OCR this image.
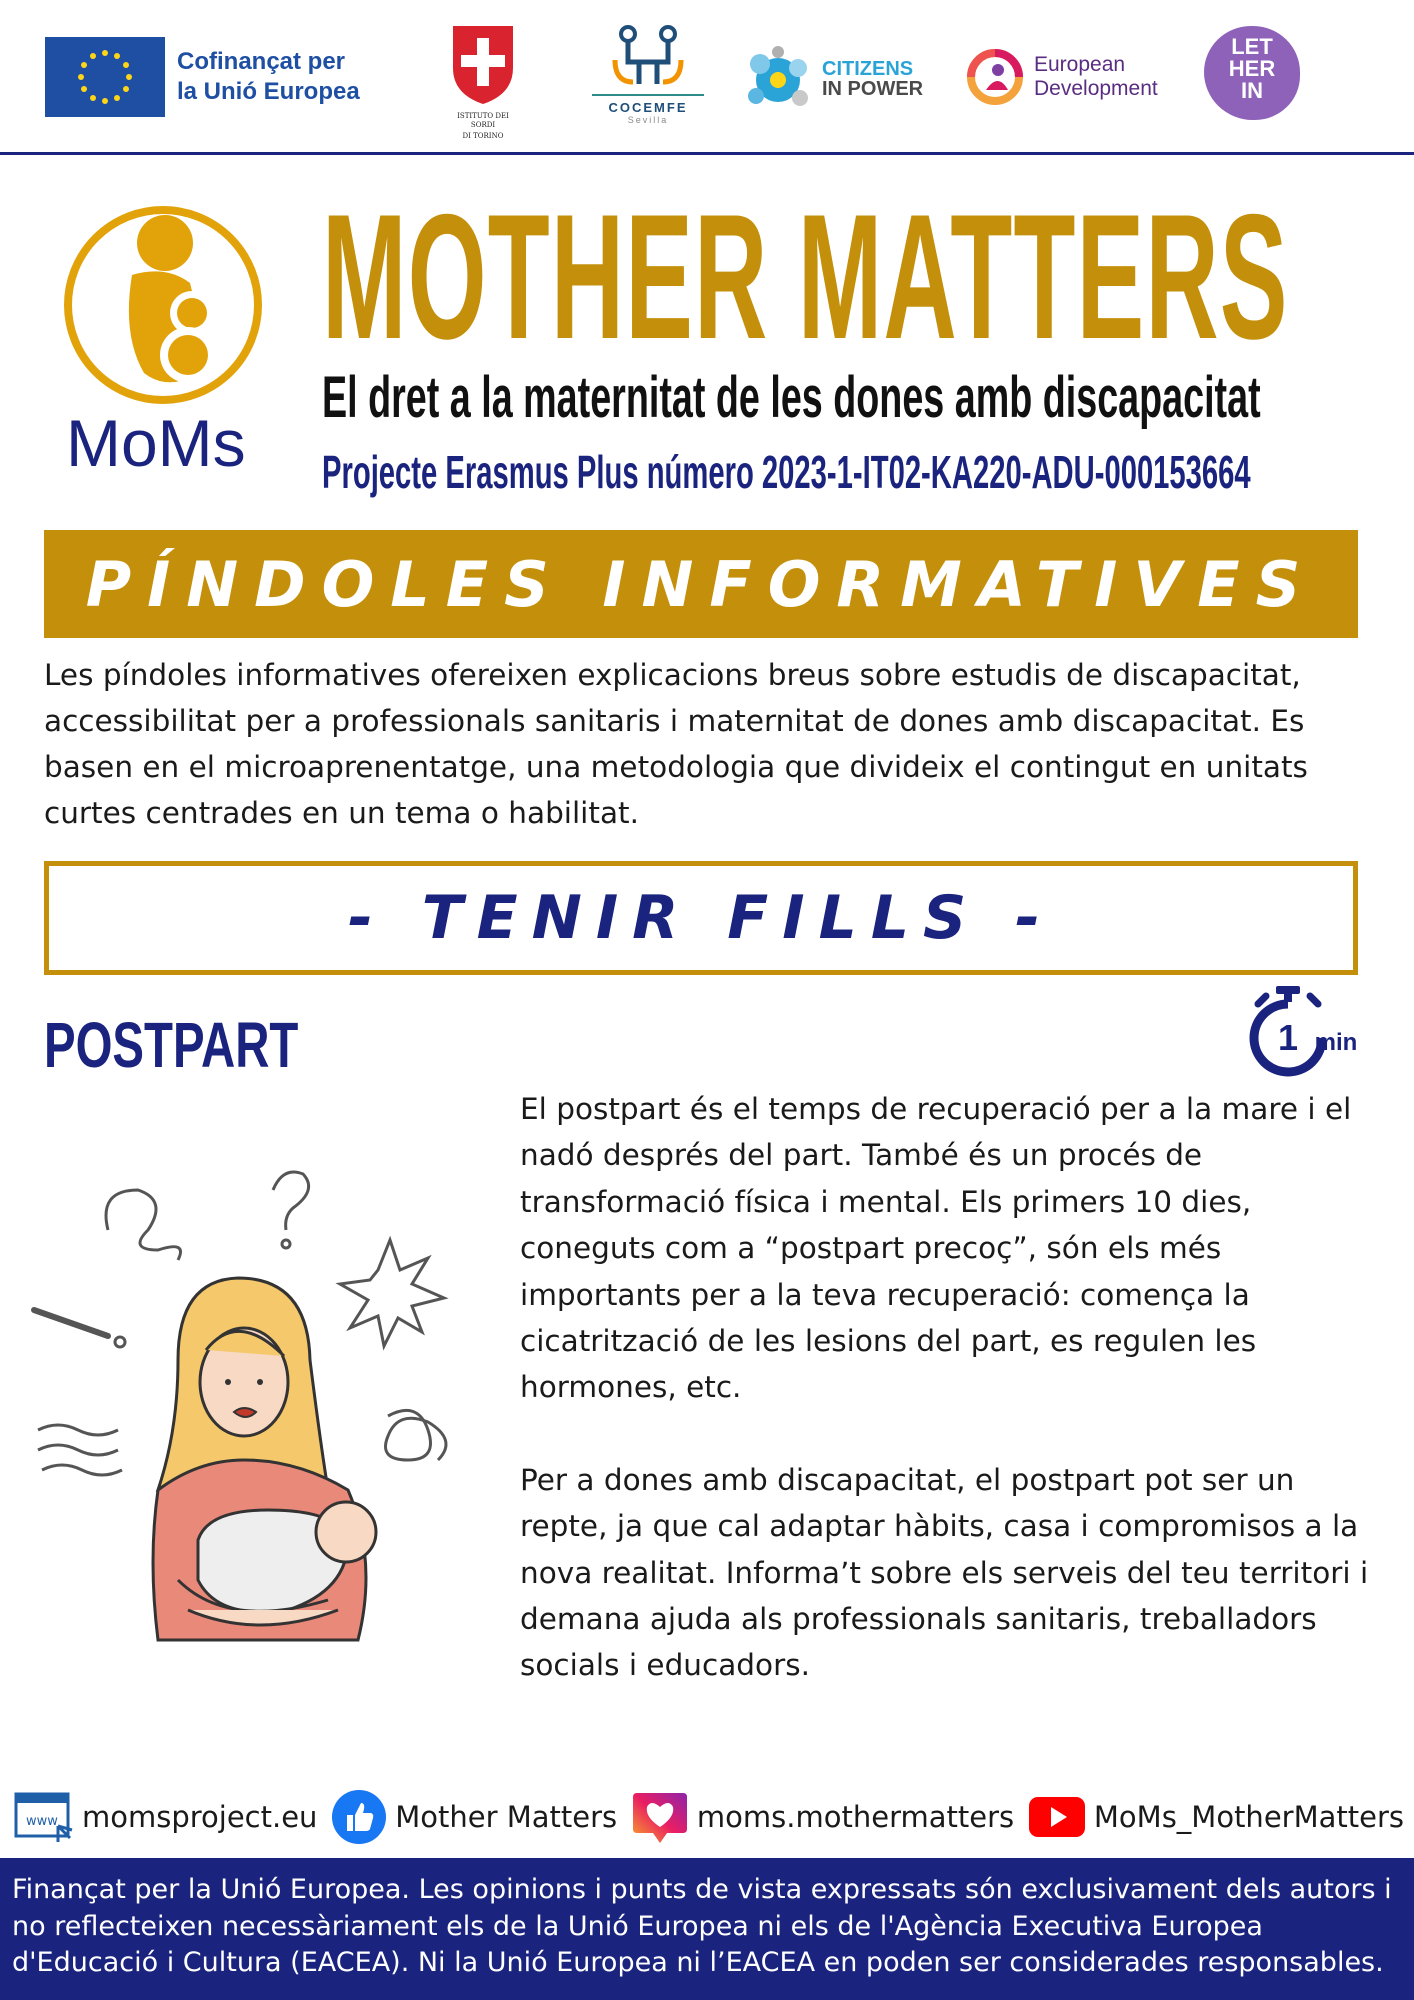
Cofinançat per
la Unió Europea
ISTITUTO DEI SORDI
DI TORINO
COCEMFE
Sevilla
CITIZENS
IN POWER
European
Development
LET
HER
IN
MoMs
MOTHER MATTERS
El dret a la maternitat de les dones amb discapacitat
Projecte Erasmus Plus número 2023-1-IT02-KA220-ADU-000153664
PÍNDOLES INFORMATIVES
Les píndoles informatives ofereixen explicacions breus sobre estudis de discapacitat, accessibilitat per a professionals sanitaris i maternitat de dones amb discapacitat. Es basen en el microaprenentatge, una metodologia que divideix el contingut en unitats curtes centrades en un tema o habilitat.
- TENIR FILLS -
POSTPART	1 min

El postpart és el temps de recuperació per a la mare i el nadó després del part. També és un procés de transformació física i mental. Els primers 10 dies, coneguts com a “postpart precoç”, són els més importants per a la teva recuperació: comença la cicatrització de les lesions del part, es regulen les hormones, etc.

Per a dones amb discapacitat, el postpart pot ser un repte, ja que cal adaptar hàbits, casa i compromisos a la nova realitat. Informa’t sobre els serveis del teu territori i demana ajuda als professionals sanitaris, treballadors socials i educadors.

www momsproject.eu	Mother Matters	moms.mothermatters	MoMs_MotherMatters

Finançat per la Unió Europea. Les opinions i punts de vista expressats són exclusivament dels autors i no reflecteixen necessàriament els de la Unió Europea ni els de l'Agència Executiva Europea d'Educació i Cultura (EACEA). Ni la Unió Europea ni l’EACEA en poden ser considerades responsables.
